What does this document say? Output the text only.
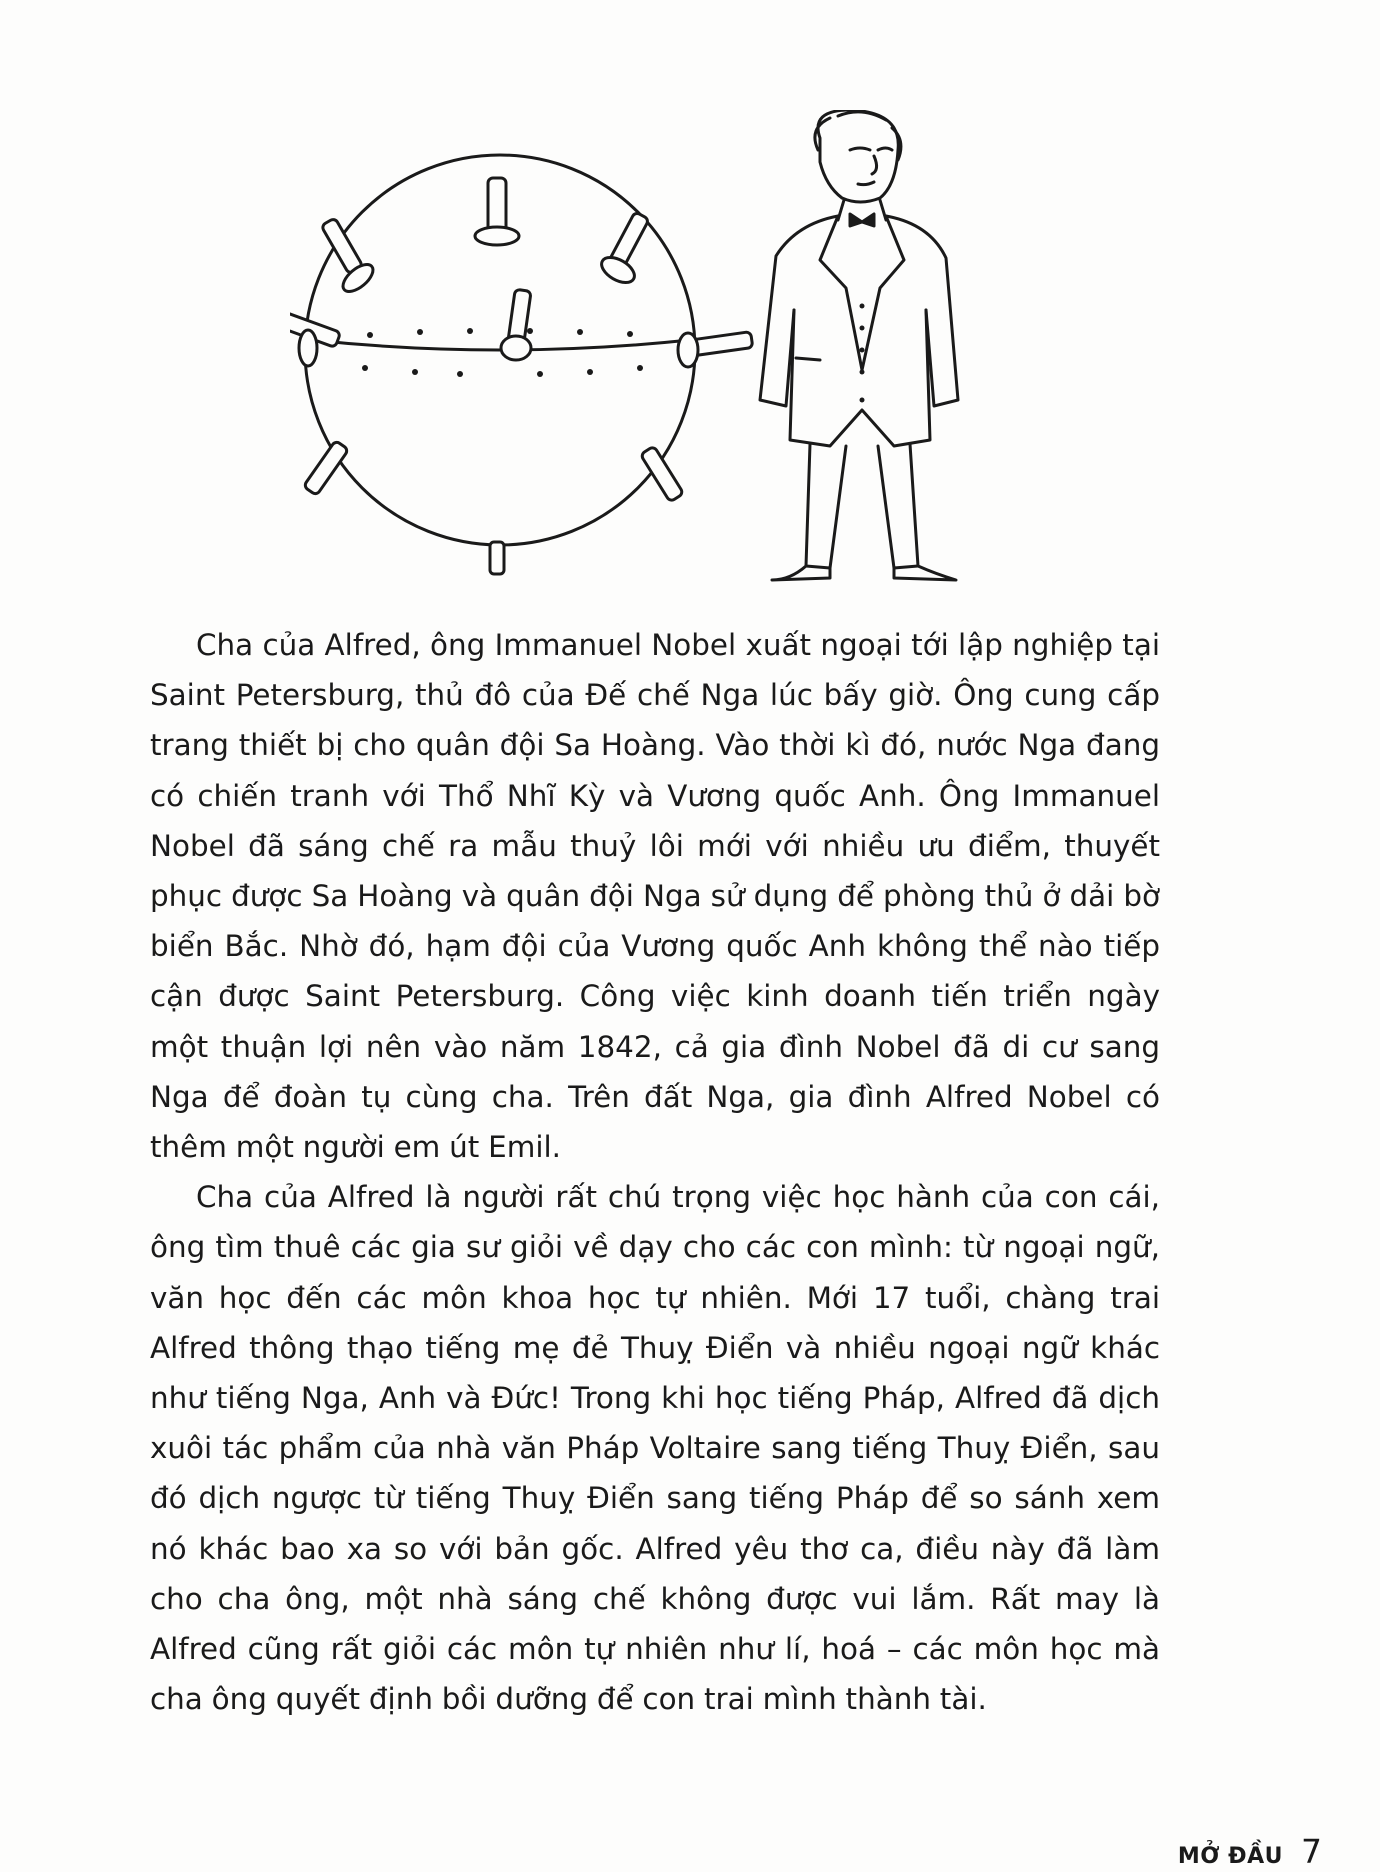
Cha của Alfred, ông Immanuel Nobel xuất ngoại tới lập nghiệp tại Saint Petersburg, thủ đô của Đế chế Nga lúc bấy giờ. Ông cung cấp trang thiết bị cho quân đội Sa Hoàng. Vào thời kì đó, nước Nga đang có chiến tranh với Thổ Nhĩ Kỳ và Vương quốc Anh. Ông Immanuel Nobel đã sáng chế ra mẫu thuỷ lôi mới với nhiều ưu điểm, thuyết phục được Sa Hoàng và quân đội Nga sử dụng để phòng thủ ở dải bờ biển Bắc. Nhờ đó, hạm đội của Vương quốc Anh không thể nào tiếp cận được Saint Petersburg. Công việc kinh doanh tiến triển ngày một thuận lợi nên vào năm 1842, cả gia đình Nobel đã di cư sang Nga để đoàn tụ cùng cha. Trên đất Nga, gia đình Alfred Nobel có thêm một người em út Emil.

Cha của Alfred là người rất chú trọng việc học hành của con cái, ông tìm thuê các gia sư giỏi về dạy cho các con mình: từ ngoại ngữ, văn học đến các môn khoa học tự nhiên. Mới 17 tuổi, chàng trai Alfred thông thạo tiếng mẹ đẻ Thuỵ Điển và nhiều ngoại ngữ khác như tiếng Nga, Anh và Đức! Trong khi học tiếng Pháp, Alfred đã dịch xuôi tác phẩm của nhà văn Pháp Voltaire sang tiếng Thuỵ Điển, sau đó dịch ngược từ tiếng Thuỵ Điển sang tiếng Pháp để so sánh xem nó khác bao xa so với bản gốc. Alfred yêu thơ ca, điều này đã làm cho cha ông, một nhà sáng chế không được vui lắm. Rất may là Alfred cũng rất giỏi các môn tự nhiên như lí, hoá – các môn học mà cha ông quyết định bồi dưỡng để con trai mình thành tài.

MỞ ĐẦU 7
